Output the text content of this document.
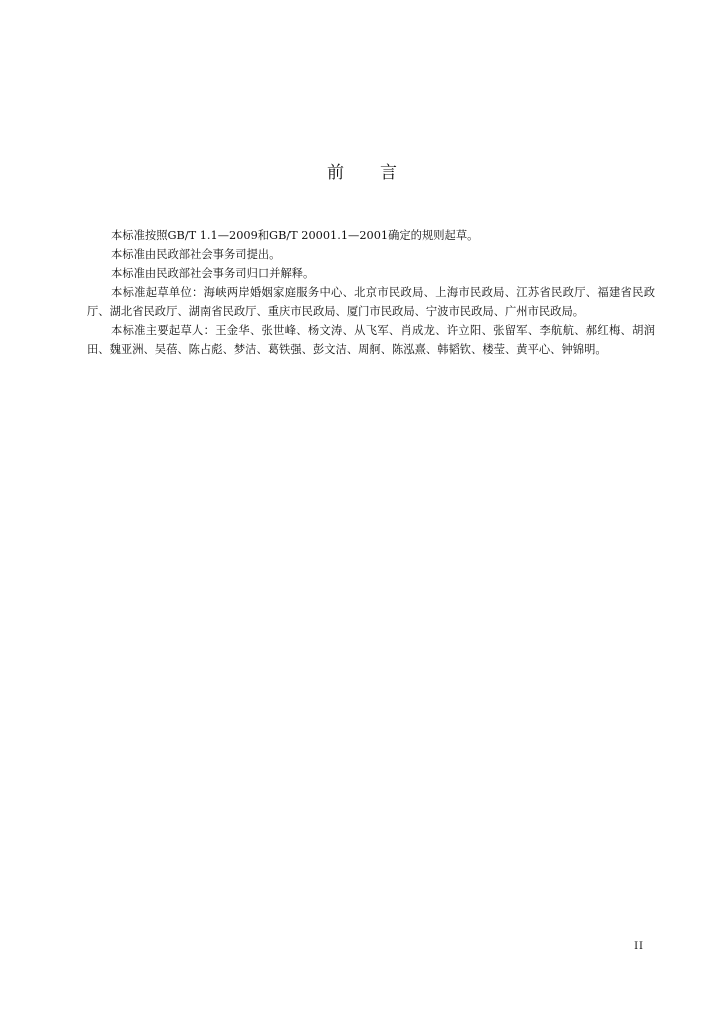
前言

本标准按照GB/T 1.1—2009和GB/T 20001.1—2001确定的规则起草。

本标准由民政部社会事务司提出。

本标准由民政部社会事务司归口并解释。

本标准起草单位：海峡两岸婚姻家庭服务中心、北京市民政局、上海市民政局、江苏省民政厅、福建省民政厅、湖北省民政厅、湖南省民政厅、重庆市民政局、厦门市民政局、宁波市民政局、广州市民政局。

本标准主要起草人：王金华、张世峰、杨文涛、从飞军、肖成龙、许立阳、张留军、李航航、郝红梅、胡润田、魏亚洲、吴蓓、陈占彪、梦洁、葛铁强、彭文洁、周舸、陈泓熹、韩韬钦、楼莹、黄平心、钟锦明。

II
